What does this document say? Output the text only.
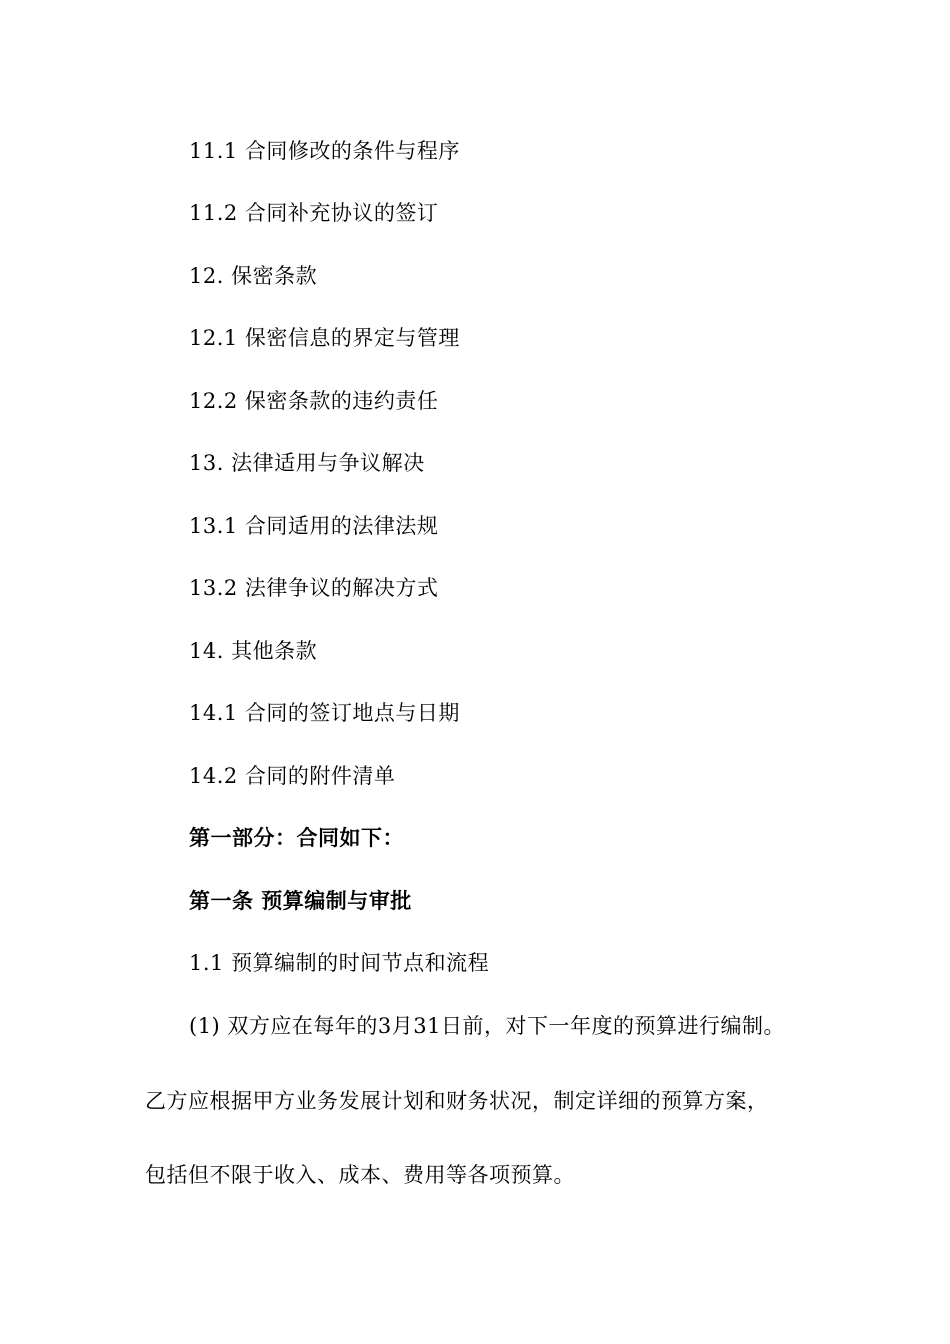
11.1 合同修改的条件与程序
11.2 合同补充协议的签订
12. 保密条款
12.1 保密信息的界定与管理
12.2 保密条款的违约责任
13. 法律适用与争议解决
13.1 合同适用的法律法规
13.2 法律争议的解决方式
14. 其他条款
14.1 合同的签订地点与日期
14.2 合同的附件清单
第一部分：合同如下：
第一条 预算编制与审批
1.1 预算编制的时间节点和流程
(1) 双方应在每年的3月31日前，对下一年度的预算进行编制。
乙方应根据甲方业务发展计划和财务状况，制定详细的预算方案，
包括但不限于收入、成本、费用等各项预算。
